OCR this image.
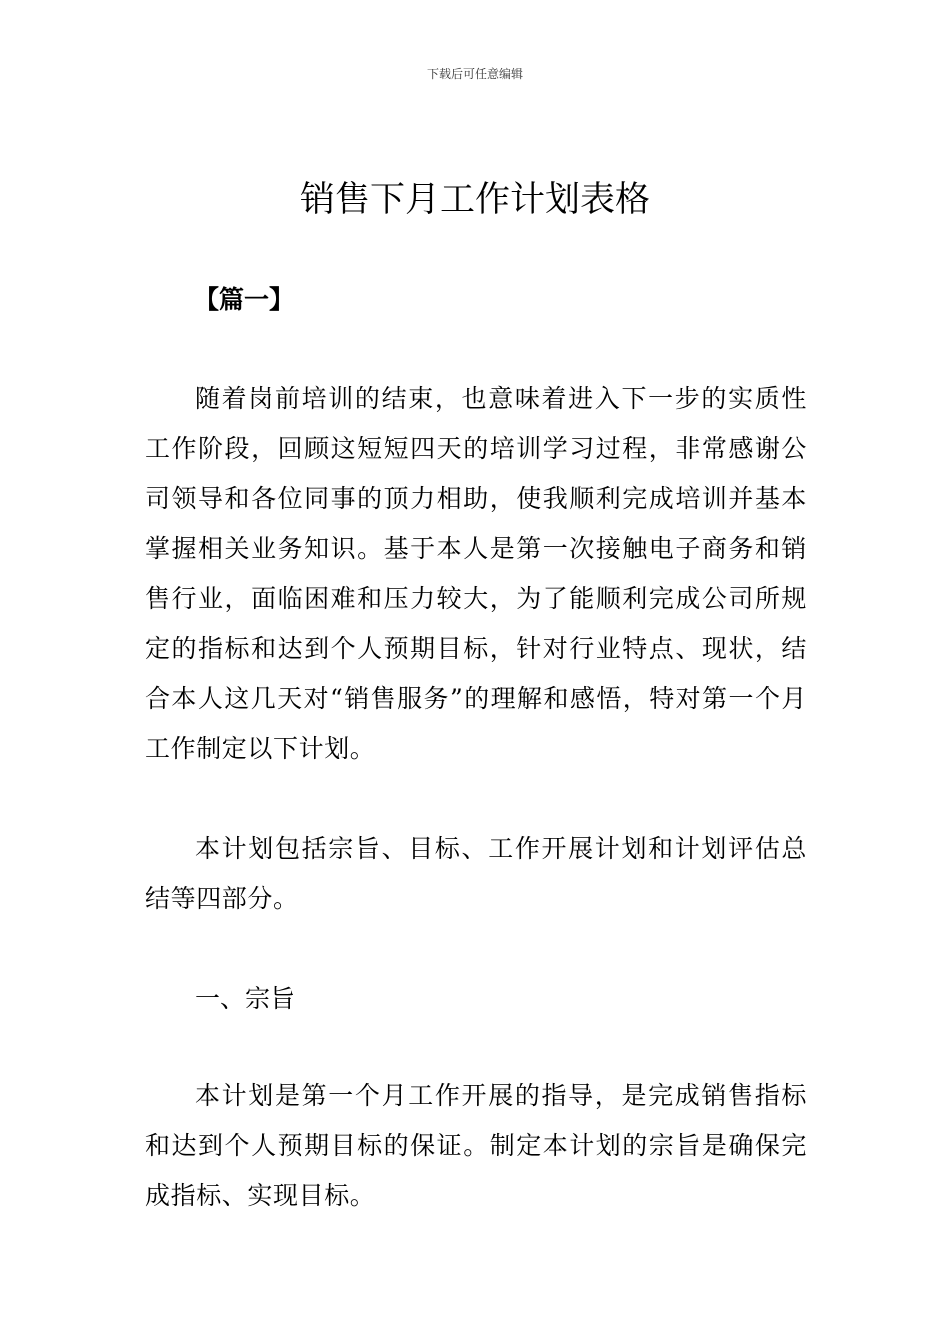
下载后可任意编辑
销售下月工作计划表格
【篇一】

随着岗前培训的结束，也意味着进入下一步的实质性工作阶段，回顾这短短四天的培训学习过程，非常感谢公司领导和各位同事的顶力相助，使我顺利完成培训并基本掌握相关业务知识。基于本人是第一次接触电子商务和销售行业，面临困难和压力较大，为了能顺利完成公司所规定的指标和达到个人预期目标，针对行业特点、现状，结合本人这几天对“销售服务”的理解和感悟，特对第一个月工作制定以下计划。

本计划包括宗旨、目标、工作开展计划和计划评估总结等四部分。

一、宗旨

本计划是第一个月工作开展的指导，是完成销售指标和达到个人预期目标的保证。制定本计划的宗旨是确保完成指标、实现目标。
